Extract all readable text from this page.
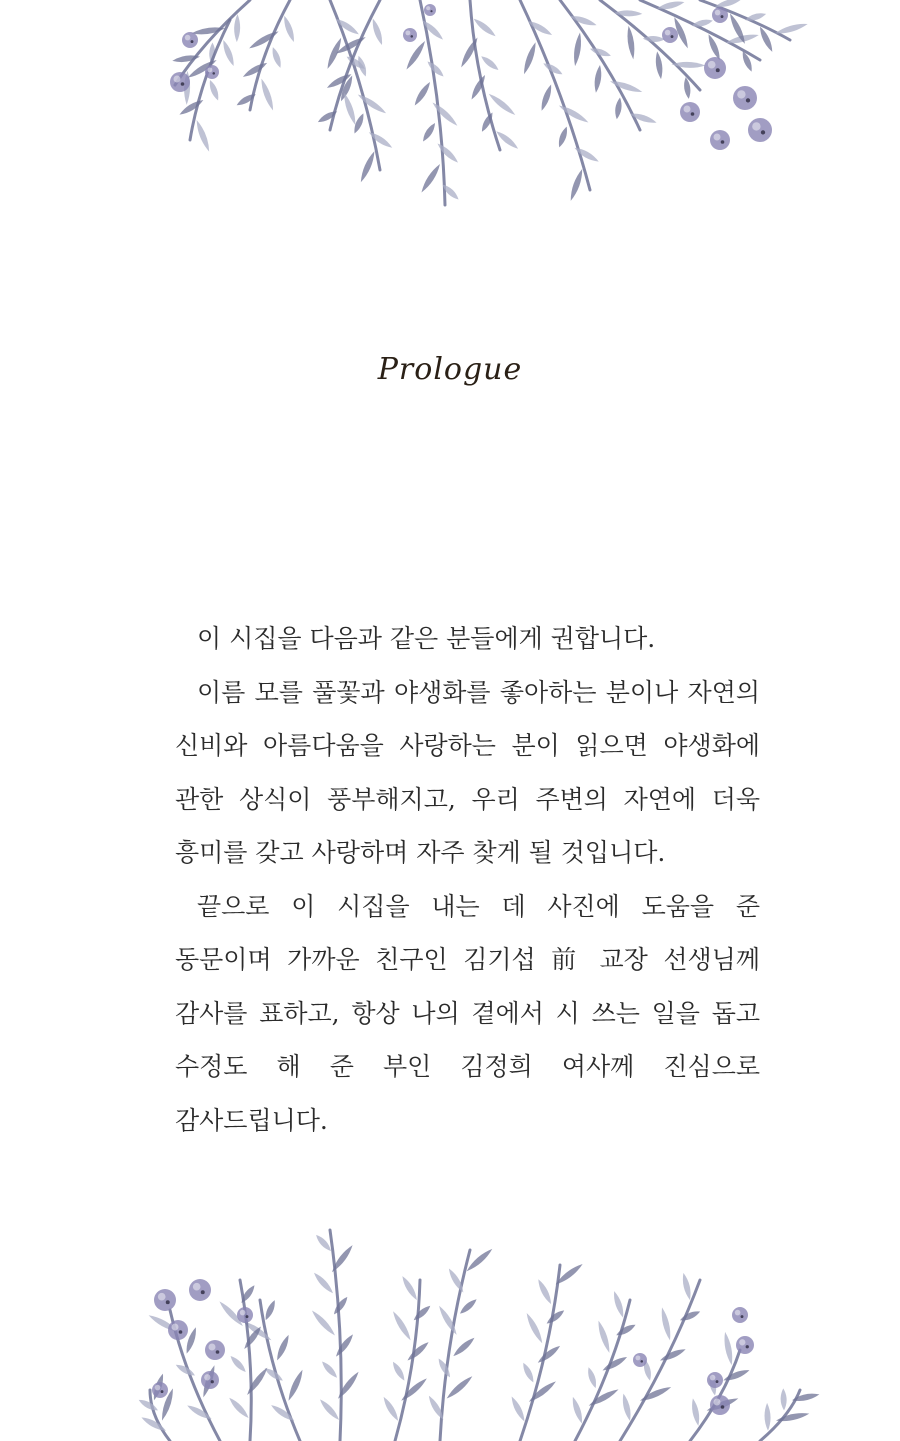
Prologue

이 시집을 다음과 같은 분들에게 권합니다.

이름 모를 풀꽃과 야생화를 좋아하는 분이나 자연의 신비와 아름다움을 사랑하는 분이 읽으면 야생화에 관한 상식이 풍부해지고, 우리 주변의 자연에 더욱 흥미를 갖고 사랑하며 자주 찾게 될 것입니다.

끝으로 이 시집을 내는 데 사진에 도움을 준 동문이며 가까운 친구인 김기섭 前 교장 선생님께 감사를 표하고, 항상 나의 곁에서 시 쓰는 일을 돕고 수정도 해 준 부인 김정희 여사께 진심으로 감사드립니다.
